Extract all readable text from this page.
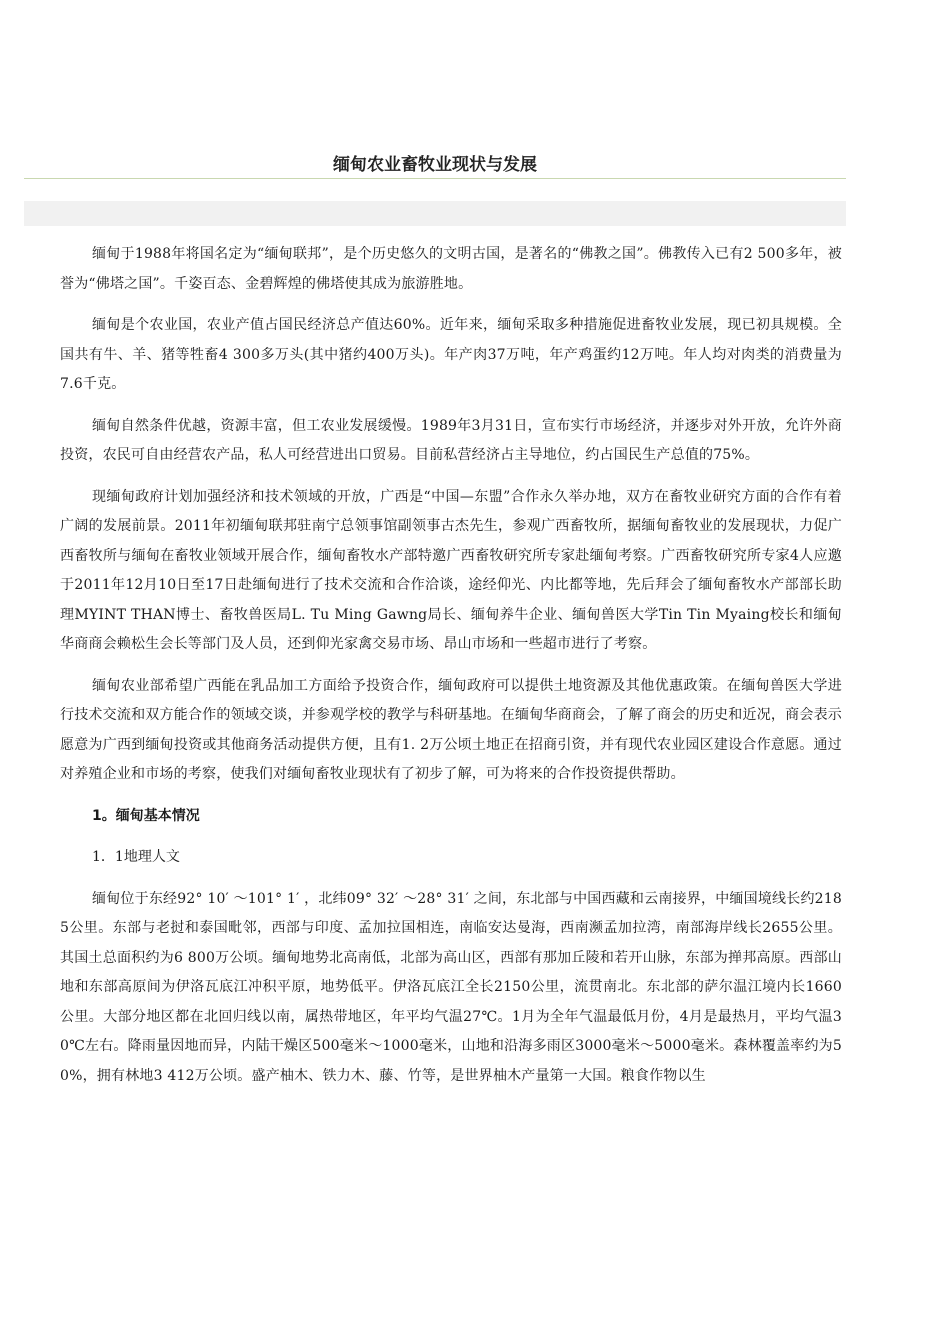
缅甸农业畜牧业现状与发展

缅甸于1988年将国名定为“缅甸联邦”，是个历史悠久的文明古国，是著名的“佛教之国”。佛教传入已有2 500多年，被誉为“佛塔之国”。千姿百态、金碧辉煌的佛塔使其成为旅游胜地。

缅甸是个农业国，农业产值占国民经济总产值达60%。近年来，缅甸采取多种措施促进畜牧业发展，现已初具规模。全国共有牛、羊、猪等牲畜4 300多万头(其中猪约400万头)。年产肉37万吨，年产鸡蛋约12万吨。年人均对肉类的消费量为7.6千克。

缅甸自然条件优越，资源丰富，但工农业发展缓慢。1989年3月31日，宣布实行市场经济，并逐步对外开放，允许外商投资，农民可自由经营农产品，私人可经营进出口贸易。目前私营经济占主导地位，约占国民生产总值的75%。

现缅甸政府计划加强经济和技术领域的开放，广西是“中国—东盟”合作永久举办地，双方在畜牧业研究方面的合作有着广阔的发展前景。2011年初缅甸联邦驻南宁总领事馆副领事古杰先生，参观广西畜牧所，据缅甸畜牧业的发展现状，力促广西畜牧所与缅甸在畜牧业领域开展合作，缅甸畜牧水产部特邀广西畜牧研究所专家赴缅甸考察。广西畜牧研究所专家4人应邀于2011年12月10日至17日赴缅甸进行了技术交流和合作洽谈，途经仰光、内比都等地，先后拜会了缅甸畜牧水产部部长助理MYINT THAN博士、畜牧兽医局L. Tu Ming Gawng局长、缅甸养牛企业、缅甸兽医大学Tin Tin Myaing校长和缅甸华商商会赖松生会长等部门及人员，还到仰光家禽交易市场、昂山市场和一些超市进行了考察。

缅甸农业部希望广西能在乳品加工方面给予投资合作，缅甸政府可以提供土地资源及其他优惠政策。在缅甸兽医大学进行技术交流和双方能合作的领域交谈，并参观学校的教学与科研基地。在缅甸华商商会，了解了商会的历史和近况，商会表示愿意为广西到缅甸投资或其他商务活动提供方便，且有1. 2万公顷土地正在招商引资，并有现代农业园区建设合作意愿。通过对养殖企业和市场的考察，使我们对缅甸畜牧业现状有了初步了解，可为将来的合作投资提供帮助。

1。缅甸基本情况

1．1地理人文

缅甸位于东经92° 10′ ～101° 1′ ，北纬09° 32′ ～28° 31′ 之间，东北部与中国西藏和云南接界，中缅国境线长约2185公里。东部与老挝和泰国毗邻，西部与印度、孟加拉国相连，南临安达曼海，西南濒孟加拉湾，南部海岸线长2655公里。其国土总面积约为6 800万公顷。缅甸地势北高南低，北部为高山区，西部有那加丘陵和若开山脉，东部为掸邦高原。西部山地和东部高原间为伊洛瓦底江冲积平原，地势低平。伊洛瓦底江全长2150公里，流贯南北。东北部的萨尔温江境内长1660公里。大部分地区都在北回归线以南，属热带地区，年平均气温27℃。1月为全年气温最低月份，4月是最热月，平均气温30℃左右。降雨量因地而异，内陆干燥区500毫米～1000毫米，山地和沿海多雨区3000毫米～5000毫米。森林覆盖率约为50%，拥有林地3 412万公顷。盛产柚木、铁力木、藤、竹等，是世界柚木产量第一大国。粮食作物以生
